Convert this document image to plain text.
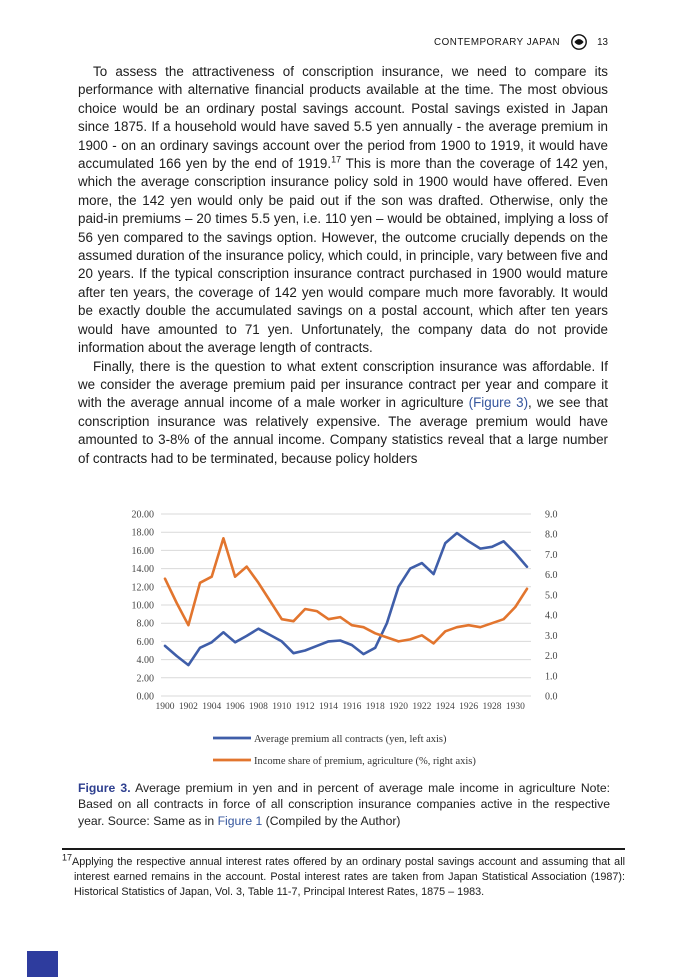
CONTEMPORARY JAPAN	13

To assess the attractiveness of conscription insurance, we need to compare its performance with alternative financial products available at the time. The most obvious choice would be an ordinary postal savings account. Postal savings existed in Japan since 1875. If a household would have saved 5.5 yen annually - the average premium in 1900 - on an ordinary savings account over the period from 1900 to 1919, it would have accumulated 166 yen by the end of 1919.17 This is more than the coverage of 142 yen, which the average conscription insurance policy sold in 1900 would have offered. Even more, the 142 yen would only be paid out if the son was drafted. Otherwise, only the paid-in premiums – 20 times 5.5 yen, i.e. 110 yen – would be obtained, implying a loss of 56 yen compared to the savings option. However, the outcome crucially depends on the assumed duration of the insurance policy, which could, in principle, vary between five and 20 years. If the typical conscription insurance contract purchased in 1900 would mature after ten years, the coverage of 142 yen would compare much more favorably. It would be exactly double the accumulated savings on a postal account, which after ten years would have amounted to 71 yen. Unfortunately, the company data do not provide information about the average length of contracts.

Finally, there is the question to what extent conscription insurance was affordable. If we consider the average premium paid per insurance contract per year and compare it with the average annual income of a male worker in agriculture (Figure 3), we see that conscription insurance was relatively expensive. The average premium would have amounted to 3-8% of the annual income. Company statistics reveal that a large number of contracts had to be terminated, because policy holders

0.00
2.00
4.00
6.00
8.00
10.00
12.00
14.00
16.00
18.00
20.00
0.0
1.0
2.0
3.0
4.0
5.0
6.0
7.0
8.0
9.0
1900 1902 1904 1906 1908 1910 1912 1914 1916 1918 1920 1922 1924 1926 1928 1930
Average premium all contracts (yen, left axis)
Income share of premium, agriculture (%, right axis)
Figure 3. Average premium in yen and in percent of average male income in agriculture Note: Based on all contracts in force of all conscription insurance companies active in the respective year. Source: Same as in Figure 1 (Compiled by the Author)
$^{17}$Applying the respective annual interest rates offered by an ordinary postal savings account and assuming that all interest earned remains in the account. Postal interest rates are taken from Japan Statistical Association (1987): Historical Statistics of Japan, Vol. 3, Table 11-7, Principal Interest Rates, 1875 – 1983.
